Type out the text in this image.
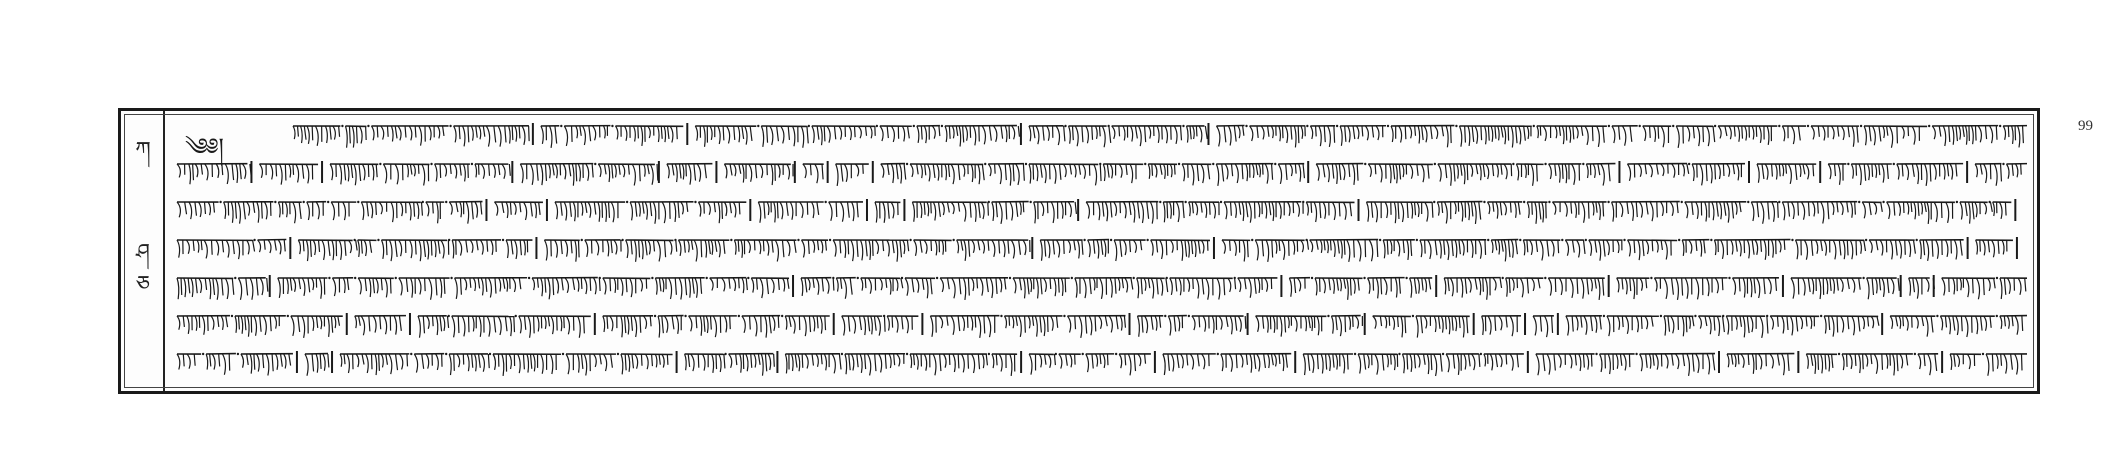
ཀ
ཤ
ཅ
༄༅།
99
